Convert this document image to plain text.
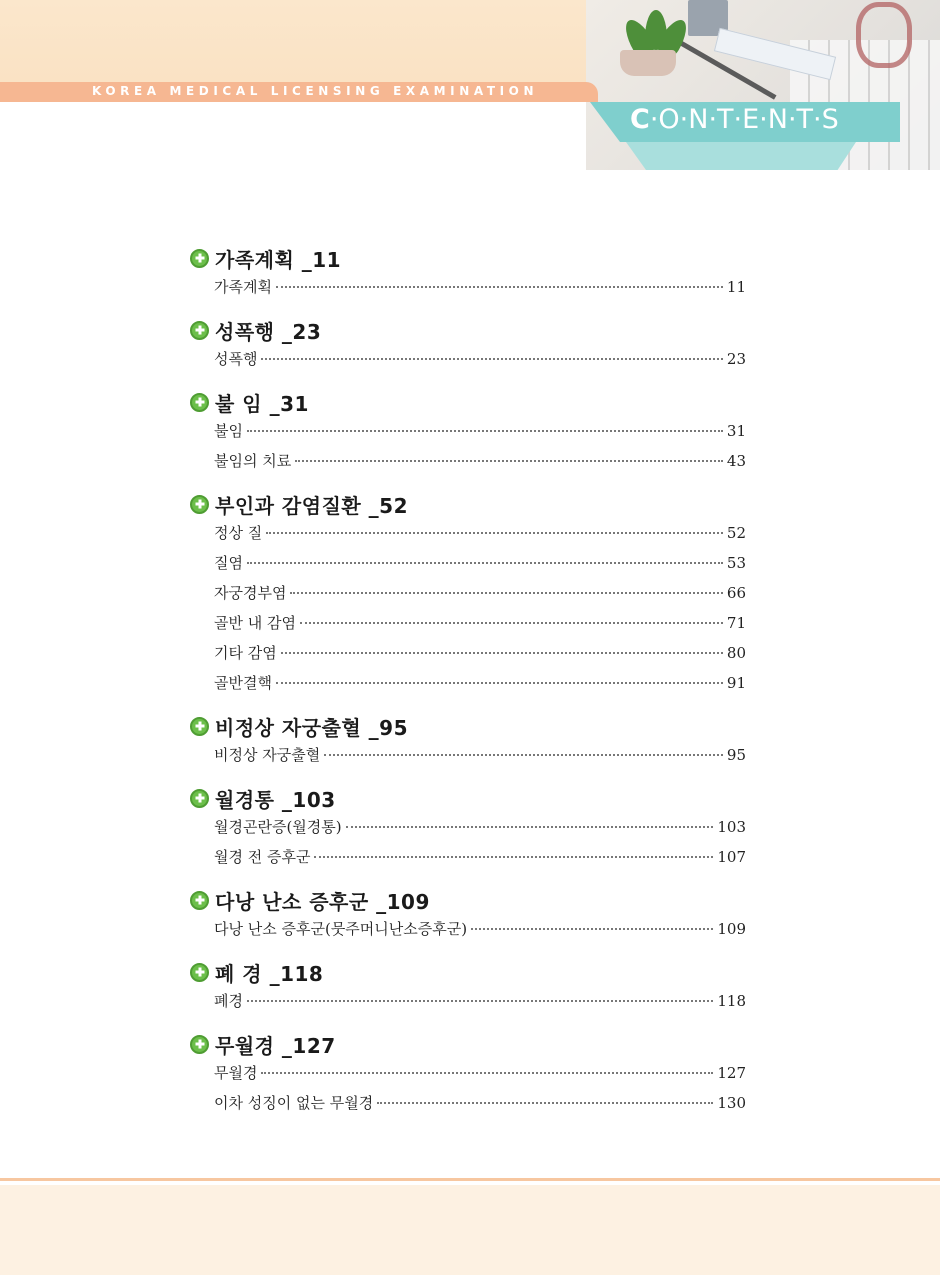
KOREA MEDICAL LICENSING EXAMINATION
C·O·N·T·E·N·T·S
가족계획 _11
가족계획	11
성폭행 _23
성폭행	23
불 임 _31
불임	31
불임의 치료	43
부인과 감염질환 _52
정상 질	52
질염	53
자궁경부염	66
골반 내 감염	71
기타 감염	80
골반결핵	91
비정상 자궁출혈 _95
비정상 자궁출혈	95
월경통 _103
월경곤란증(월경통)	103
월경 전 증후군	107
다낭 난소 증후군 _109
다낭 난소 증후군(뭇주머니난소증후군)	109
폐 경 _118
폐경	118
무월경 _127
무월경	127
이차 성징이 없는 무월경	130
